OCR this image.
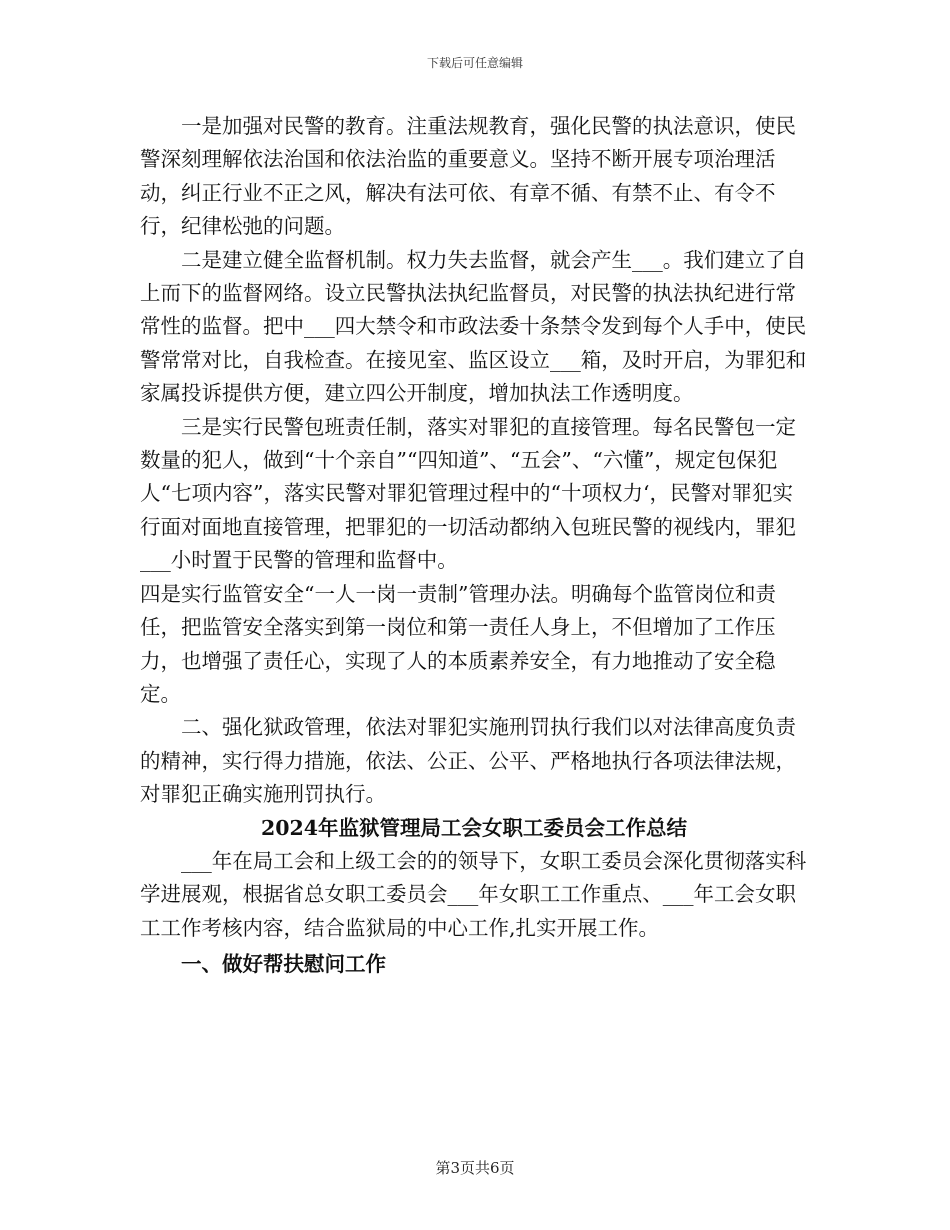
下载后可任意编辑

一是加强对民警的教育。注重法规教育，强化民警的执法意识，使民警深刻理解依法治国和依法治监的重要意义。坚持不断开展专项治理活动，纠正行业不正之风，解决有法可依、有章不循、有禁不止、有令不行，纪律松弛的问题。

二是建立健全监督机制。权力失去监督，就会产生___。我们建立了自上而下的监督网络。设立民警执法执纪监督员，对民警的执法执纪进行常常性的监督。把中___四大禁令和市政法委十条禁令发到每个人手中，使民警常常对比，自我检查。在接见室、监区设立___箱，及时开启，为罪犯和家属投诉提供方便，建立四公开制度，增加执法工作透明度。

三是实行民警包班责任制，落实对罪犯的直接管理。每名民警包一定数量的犯人，做到“十个亲自”“四知道”、“五会”、“六懂”，规定包保犯人“七项内容”，落实民警对罪犯管理过程中的“十项权力‘，民警对罪犯实行面对面地直接管理，把罪犯的一切活动都纳入包班民警的视线内，罪犯___小时置于民警的管理和监督中。

四是实行监管安全“一人一岗一责制”管理办法。明确每个监管岗位和责任，把监管安全落实到第一岗位和第一责任人身上，不但增加了工作压力，也增强了责任心，实现了人的本质素养安全，有力地推动了安全稳定。

二、强化狱政管理，依法对罪犯实施刑罚执行我们以对法律高度负责的精神，实行得力措施，依法、公正、公平、严格地执行各项法律法规，对罪犯正确实施刑罚执行。

2024年监狱管理局工会女职工委员会工作总结

___年在局工会和上级工会的的领导下，女职工委员会深化贯彻落实科学进展观，根据省总女职工委员会___年女职工工作重点、___年工会女职工工作考核内容，结合监狱局的中心工作,扎实开展工作。

一、做好帮扶慰问工作

第3页共6页
